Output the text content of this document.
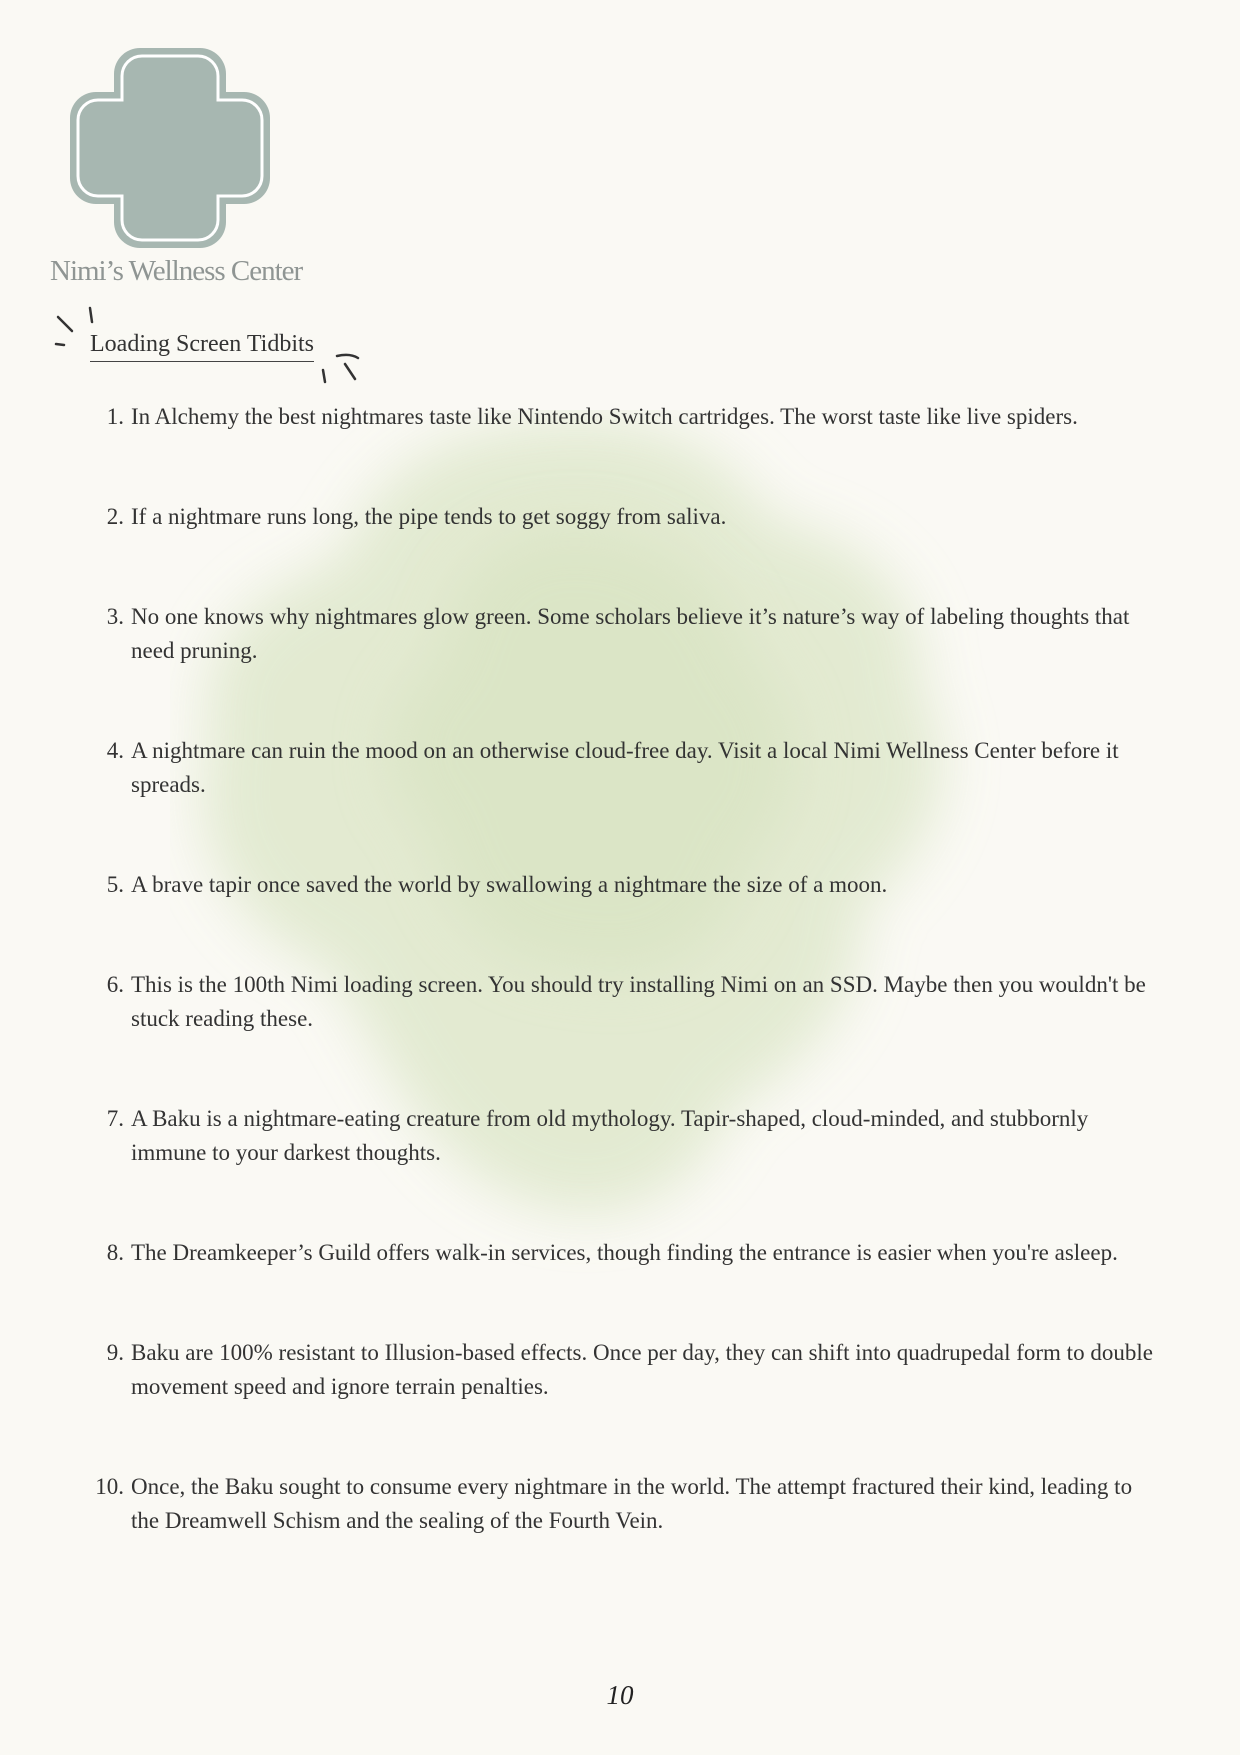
Nimi’s Wellness Center
Loading Screen Tidbits
1. In Alchemy the best nightmares taste like Nintendo Switch cartridges. The worst taste like live spiders.
2. If a nightmare runs long, the pipe tends to get soggy from saliva.
3. No one knows why nightmares glow green. Some scholars believe it’s nature’s way of labeling thoughts that need pruning.
4. A nightmare can ruin the mood on an otherwise cloud-free day. Visit a local Nimi Wellness Center before it spreads.
5. A brave tapir once saved the world by swallowing a nightmare the size of a moon.
6. This is the 100th Nimi loading screen. You should try installing Nimi on an SSD. Maybe then you wouldn't be stuck reading these.
7. A Baku is a nightmare-eating creature from old mythology. Tapir-shaped, cloud-minded, and stubbornly immune to your darkest thoughts.
8. The Dreamkeeper’s Guild offers walk-in services, though finding the entrance is easier when you're asleep.
9. Baku are 100% resistant to Illusion-based effects. Once per day, they can shift into quadrupedal form to double movement speed and ignore terrain penalties.
10. Once, the Baku sought to consume every nightmare in the world. The attempt fractured their kind, leading to the Dreamwell Schism and the sealing of the Fourth Vein.
10
